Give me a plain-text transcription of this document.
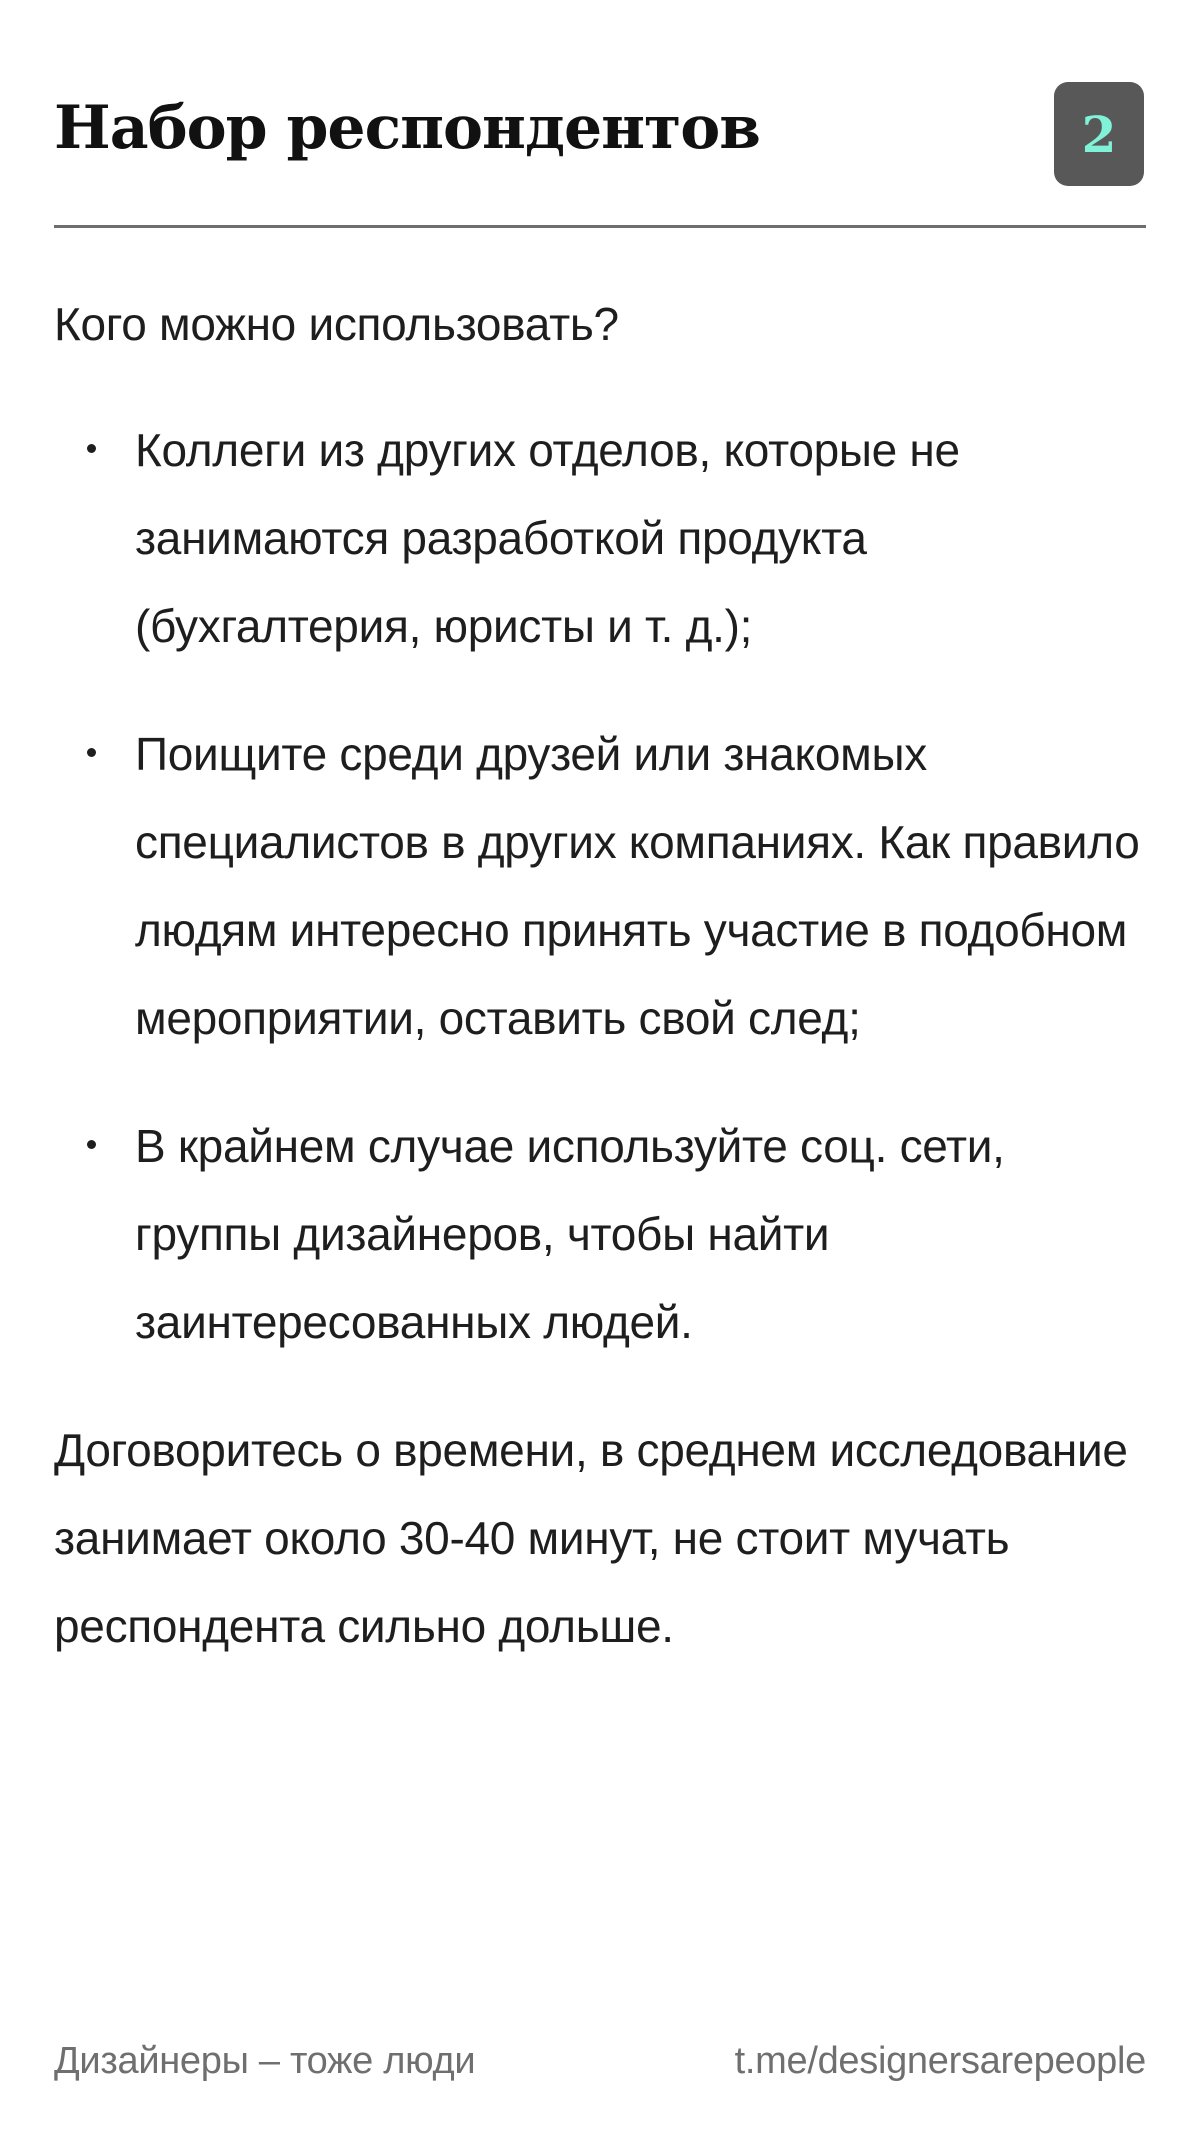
Набор респондентов	2

Кого можно использовать?

Коллеги из других отделов, которые не занимаются разработкой продукта (бухгалтерия, юристы и т. д.);
Поищите среди друзей или знакомых специалистов в других компаниях. Как правило людям интересно принять участие в подобном мероприятии, оставить свой след;
В крайнем случае используйте соц. сети, группы дизайнеров, чтобы найти заинтересованных людей.

Договоритесь о времени, в среднем исследование занимает около 30-40 минут, не стоит мучать респондента сильно дольше.

Дизайнеры – тоже люди	t.me/designersarepeople
